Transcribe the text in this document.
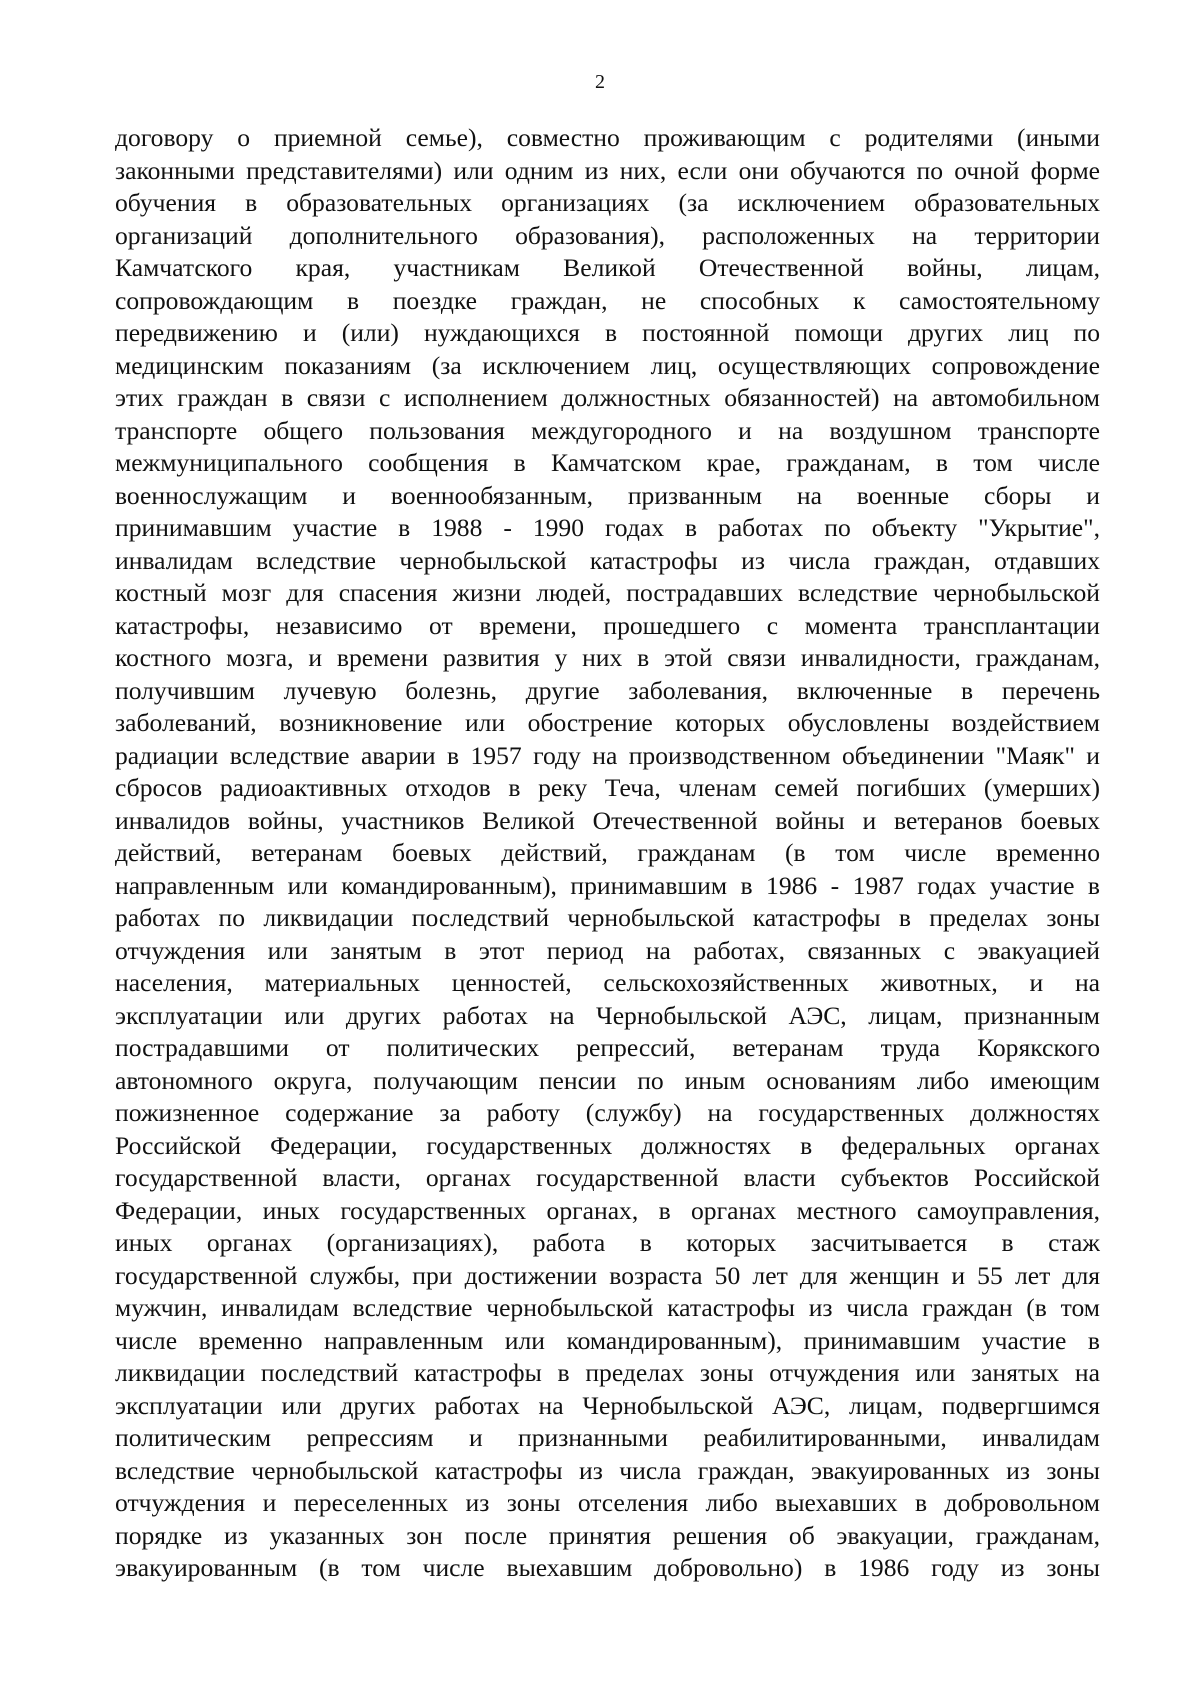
2
договору о приемной семье), совместно проживающим с родителями (иными
законными представителями) или одним из них, если они обучаются по очной форме
обучения в образовательных организациях (за исключением образовательных
организаций дополнительного образования), расположенных на территории
Камчатского края, участникам Великой Отечественной войны, лицам,
сопровождающим в поездке граждан, не способных к самостоятельному
передвижению и (или) нуждающихся в постоянной помощи других лиц по
медицинским показаниям (за исключением лиц, осуществляющих сопровождение
этих граждан в связи с исполнением должностных обязанностей) на автомобильном
транспорте общего пользования междугородного и на воздушном транспорте
межмуниципального сообщения в Камчатском крае, гражданам, в том числе
военнослужащим и военнообязанным, призванным на военные сборы и
принимавшим участие в 1988 - 1990 годах в работах по объекту "Укрытие",
инвалидам вследствие чернобыльской катастрофы из числа граждан, отдавших
костный мозг для спасения жизни людей, пострадавших вследствие чернобыльской
катастрофы, независимо от времени, прошедшего с момента трансплантации
костного мозга, и времени развития у них в этой связи инвалидности, гражданам,
получившим лучевую болезнь, другие заболевания, включенные в перечень
заболеваний, возникновение или обострение которых обусловлены воздействием
радиации вследствие аварии в 1957 году на производственном объединении "Маяк" и
сбросов радиоактивных отходов в реку Теча, членам семей погибших (умерших)
инвалидов войны, участников Великой Отечественной войны и ветеранов боевых
действий, ветеранам боевых действий, гражданам (в том числе временно
направленным или командированным), принимавшим в 1986 - 1987 годах участие в
работах по ликвидации последствий чернобыльской катастрофы в пределах зоны
отчуждения или занятым в этот период на работах, связанных с эвакуацией
населения, материальных ценностей, сельскохозяйственных животных, и на
эксплуатации или других работах на Чернобыльской АЭС, лицам, признанным
пострадавшими от политических репрессий, ветеранам труда Корякского
автономного округа, получающим пенсии по иным основаниям либо имеющим
пожизненное содержание за работу (службу) на государственных должностях
Российской Федерации, государственных должностях в федеральных органах
государственной власти, органах государственной власти субъектов Российской
Федерации, иных государственных органах, в органах местного самоуправления,
иных органах (организациях), работа в которых засчитывается в стаж
государственной службы, при достижении возраста 50 лет для женщин и 55 лет для
мужчин, инвалидам вследствие чернобыльской катастрофы из числа граждан (в том
числе временно направленным или командированным), принимавшим участие в
ликвидации последствий катастрофы в пределах зоны отчуждения или занятых на
эксплуатации или других работах на Чернобыльской АЭС, лицам, подвергшимся
политическим репрессиям и признанными реабилитированными, инвалидам
вследствие чернобыльской катастрофы из числа граждан, эвакуированных из зоны
отчуждения и переселенных из зоны отселения либо выехавших в добровольном
порядке из указанных зон после принятия решения об эвакуации, гражданам,
эвакуированным (в том числе выехавшим добровольно) в 1986 году из зоны
